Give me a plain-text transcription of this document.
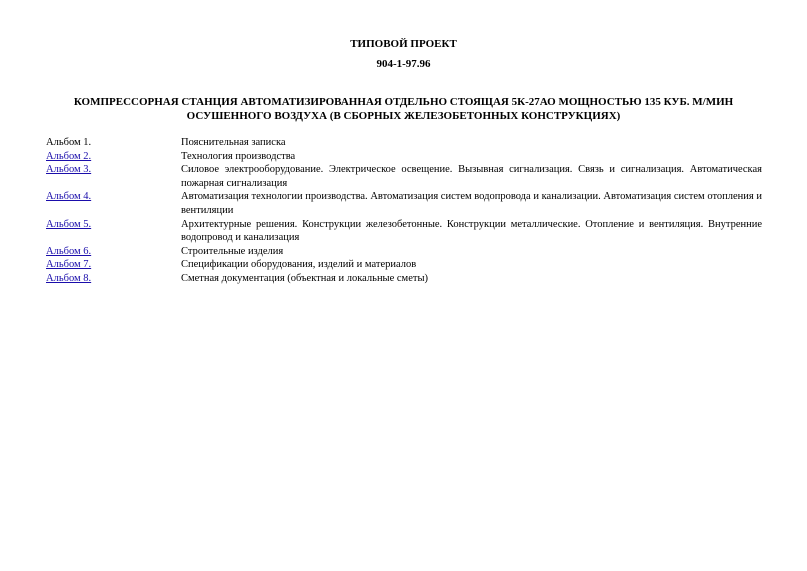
ТИПОВОЙ ПРОЕКТ
904-1-97.96
КОМПРЕССОРНАЯ СТАНЦИЯ АВТОМАТИЗИРОВАННАЯ ОТДЕЛЬНО СТОЯЩАЯ 5К-27АО МОЩНОСТЬЮ 135 КУБ. М/МИН ОСУШЕННОГО ВОЗДУХА (В СБОРНЫХ ЖЕЛЕЗОБЕТОННЫХ КОНСТРУКЦИЯХ)
Альбом 1.	Пояснительная записка
Альбом 2.	Технология производства
Альбом 3.	Силовое электрооборудование. Электрическое освещение. Вызывная сигнализация. Связь и сигнализация. Автоматическая пожарная сигнализация
Альбом 4.	Автоматизация технологии производства. Автоматизация систем водопровода и канализации. Автоматизация систем отопления и вентиляции
Альбом 5.	Архитектурные решения. Конструкции железобетонные. Конструкции металлические. Отопление и вентиляция. Внутренние водопровод и канализация
Альбом 6.	Строительные изделия
Альбом 7.	Спецификации оборудования, изделий и материалов
Альбом 8.	Сметная документация (объектная и локальные сметы)
